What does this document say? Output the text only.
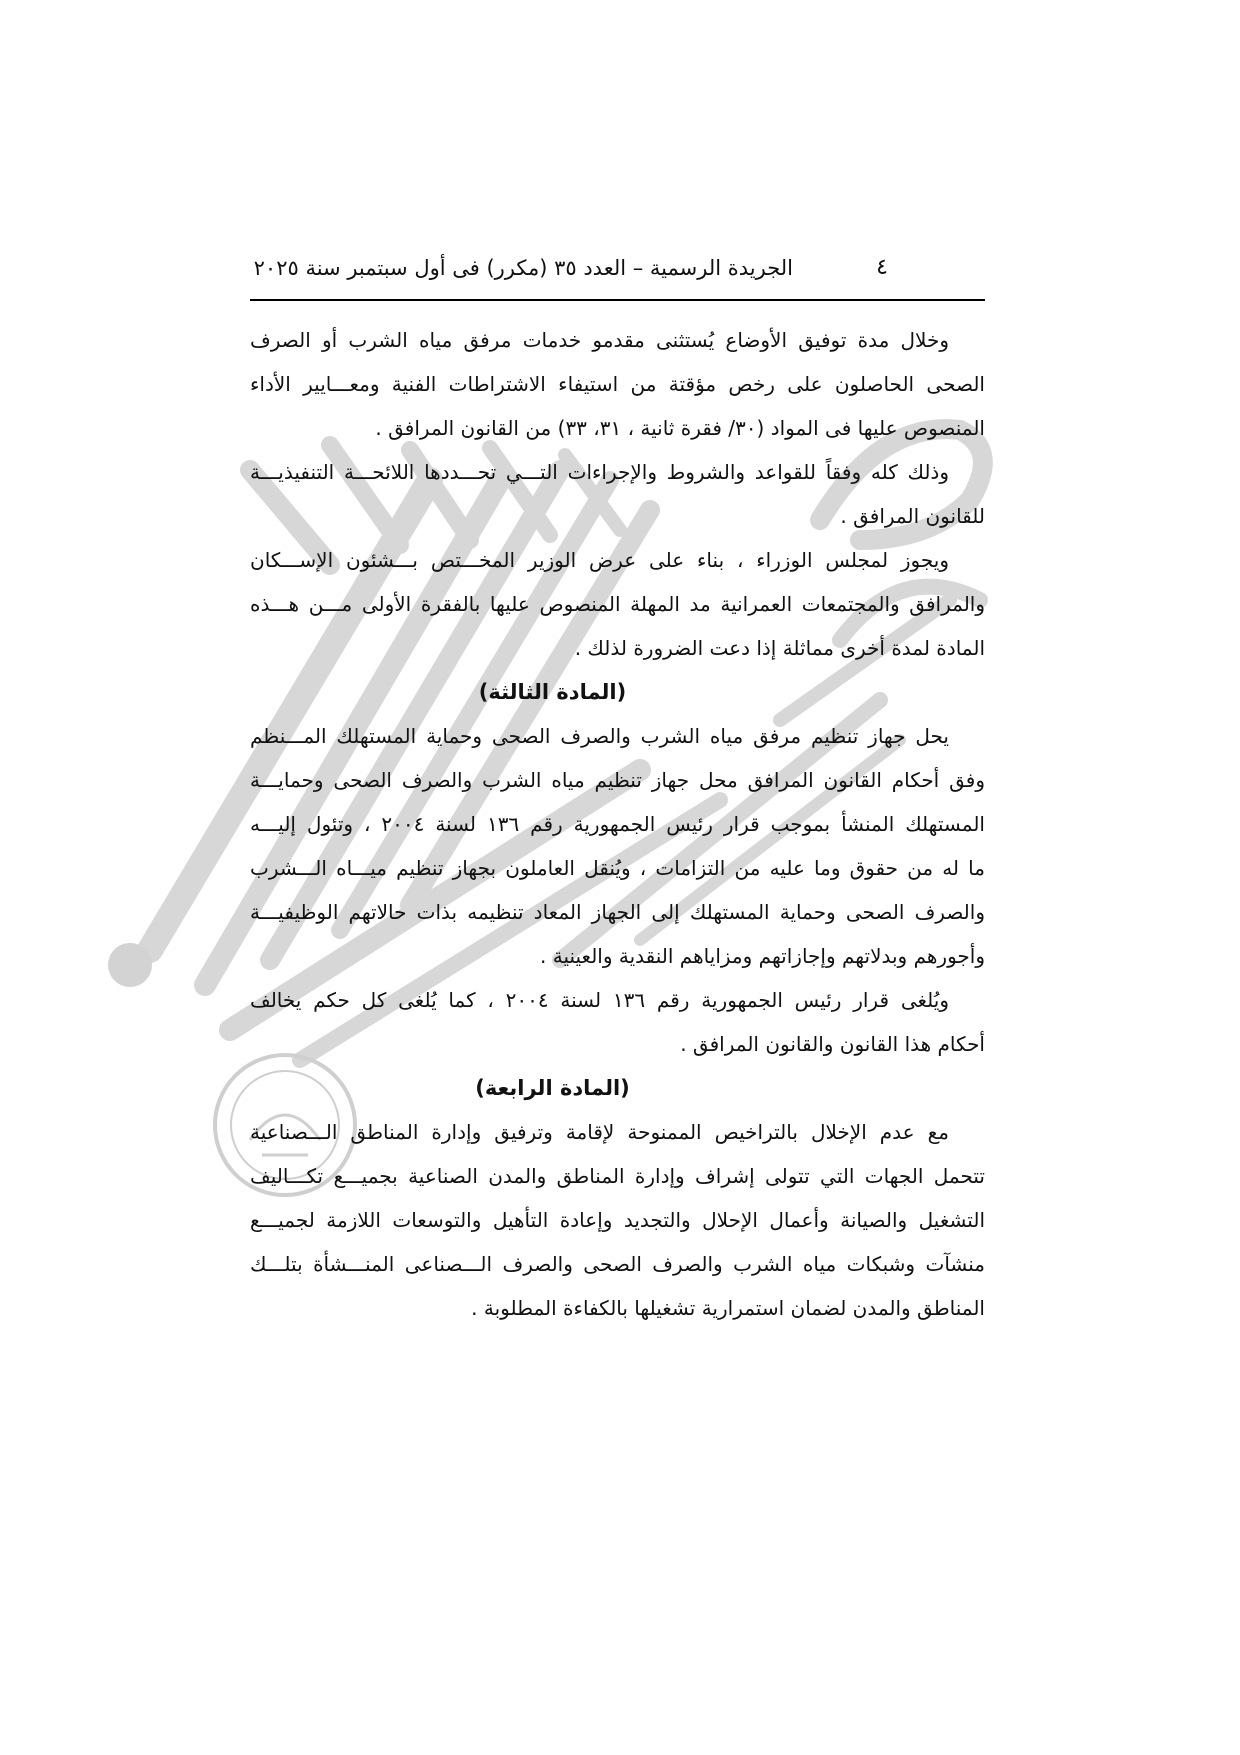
٤
الجريدة الرسمية – العدد ٣٥ (مكرر) فى أول سبتمبر سنة ٢٠٢٥
وخلال مدة توفيق الأوضاع يُستثنى مقدمو خدمات مرفق مياه الشرب أو الصرف
الصحى الحاصلون على رخص مؤقتة من استيفاء الاشتراطات الفنية ومعـــايير الأداء
المنصوص عليها فى المواد (٣٠/ فقرة ثانية ، ٣١، ٣٣) من القانون المرافق .
وذلك كله وفقاً للقواعد والشروط والإجراءات التـــي تحـــددها اللائحـــة التنفيذيـــة
للقانون المرافق .
ويجوز لمجلس الوزراء ، بناء على عرض الوزير المخـــتص بـــشئون الإســـكان
والمرافق والمجتمعات العمرانية مد المهلة المنصوص عليها بالفقرة الأولى مـــن هـــذه
المادة لمدة أخرى مماثلة إذا دعت الضرورة لذلك .
(المادة الثالثة)
يحل جهاز تنظيم مرفق مياه الشرب والصرف الصحى وحماية المستهلك المـــنظم
وفق أحكام القانون المرافق محل جهاز تنظيم مياه الشرب والصرف الصحى وحمايـــة
المستهلك المنشأ بموجب قرار رئيس الجمهورية رقم ١٣٦ لسنة ٢٠٠٤ ، وتئول إليـــه
ما له من حقوق وما عليه من التزامات ، ويُنقل العاملون بجهاز تنظيم ميـــاه الـــشرب
والصرف الصحى وحماية المستهلك إلى الجهاز المعاد تنظيمه بذات حالاتهم الوظيفيـــة
وأجورهم وبدلاتهم وإجازاتهم ومزاياهم النقدية والعينية .
ويُلغى قرار رئيس الجمهورية رقم ١٣٦ لسنة ٢٠٠٤ ، كما يُلغى كل حكم يخالف
أحكام هذا القانون والقانون المرافق .
(المادة الرابعة)
مع عدم الإخلال بالتراخيص الممنوحة لإقامة وترفيق وإدارة المناطق الـــصناعية
تتحمل الجهات التي تتولى إشراف وإدارة المناطق والمدن الصناعية بجميـــع تكـــاليف
التشغيل والصيانة وأعمال الإحلال والتجديد وإعادة التأهيل والتوسعات اللازمة لجميـــع
منشآت وشبكات مياه الشرب والصرف الصحى والصرف الـــصناعى المنـــشأة بتلـــك
المناطق والمدن لضمان استمرارية تشغيلها بالكفاءة المطلوبة .
